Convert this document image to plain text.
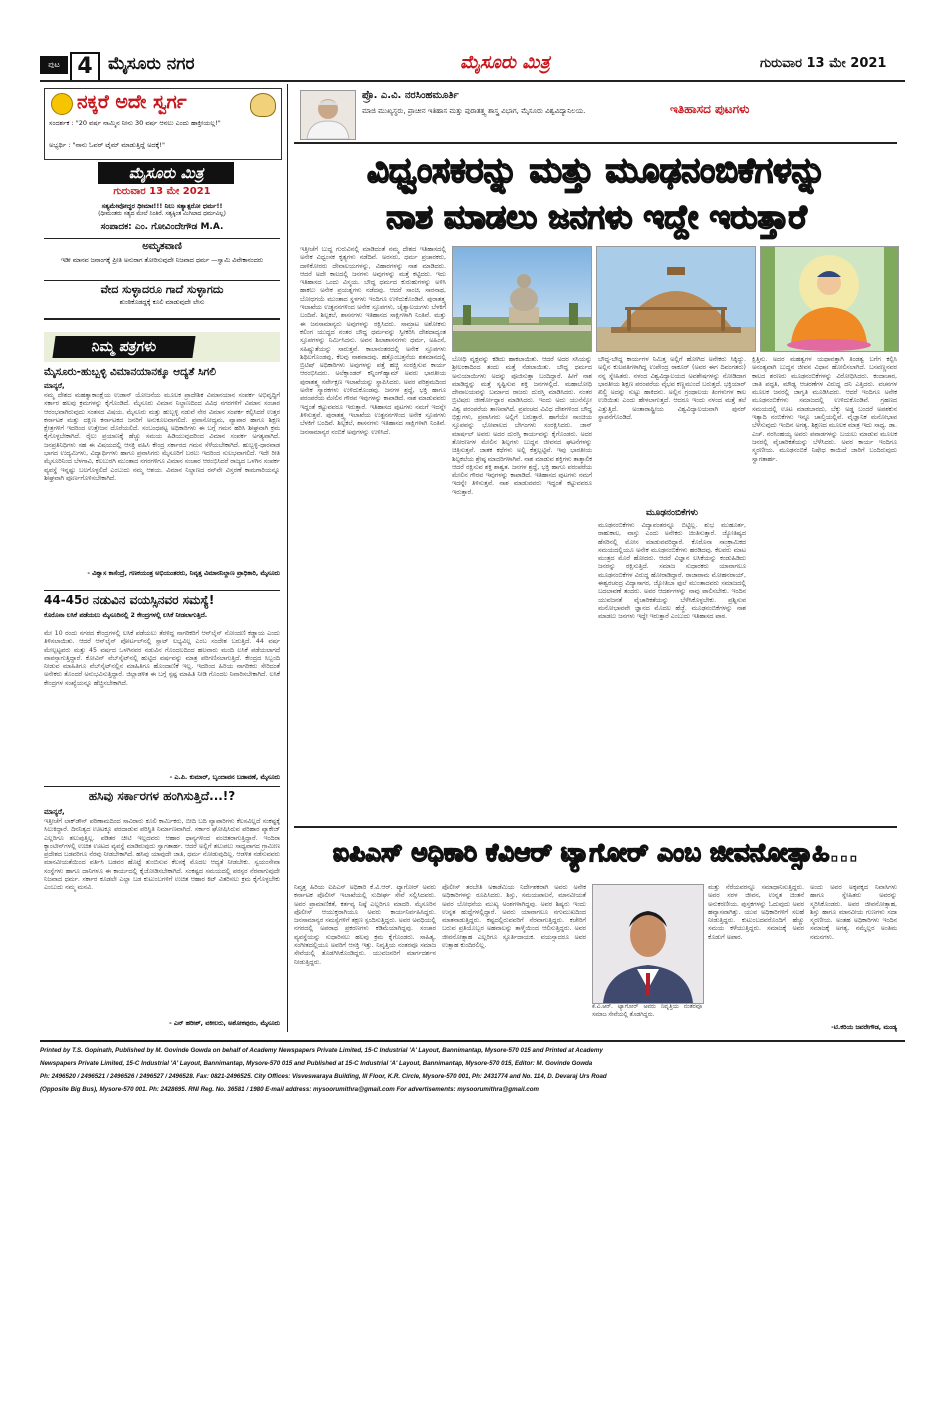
ಪುಟ 4 ಮೈಸೂರು ನಗರ	ಮೈಸೂರು ಮಿತ್ರ	ಗುರುವಾರ 13 ಮೇ 2021
ನಕ್ಕರೆ ಅದೇ ಸ್ವರ್ಗ
ಸಂದರ್ಶಕ : "20 ವರ್ಷ ನಾಮ್ಮಿನ ನೀನು 30 ವರ್ಷ ಆನಲು ಎಂದು ಹಾಕ್ತೀಯಲ್ಲ!"
ಅಭ್ಯರ್ಥಿ : "ನಾನು ಓವರ್ ಟೈಮ್ ಮಾಡುತ್ತಿದ್ದೆ ಅದಕ್ಕೆ!"
ಮೈಸೂರು ಮಿತ್ರ
ಗುರುವಾರ 13 ಮೇ 2021
ಸತ್ಯಮೇವೋದ್ಧರ ಧೀಮಾಃ!!! ನಿಲು ಸತ್ಯಾತ್ಪರೋ ಧರ್ಮ!!
(ಧೀಮಂತರು ಸತ್ಯದ ಮೇಲೆ ನಿಂತಿರೆ. ಸತ್ಯಕ್ಕಿಂತ ಮಿಗಿಲಾದ ಧರ್ಮವಿಲ್ಲ)
ಸಂಪಾದಕ: ಎಂ. ಗೋವಿಂದೇಗೌಡ M.A.
ಅಮೃತವಾಣಿ
ಇಡೀ ಮಾನವ ಜನಾಂಗಕ್ಕೆ ಪ್ರೀತಿ ಅನುರಾಗ ತೋರಿಸುವುದೇ ನಿಜವಾದ ಧರ್ಮ —ಸ್ವಾಮಿ ವಿವೇಕಾನಂದರು
ವೇದ ಸುಳ್ಳಾದರೂ ಗಾದೆ ಸುಳ್ಳಾಗದು
ಶುಂಠಿಕೊಡದ್ದಕ್ಕೆ ಕೂಲಿ ಮಾಡುವುದೇ ಲೇಸು
ನಿಮ್ಮ ಪತ್ರಗಳು
ಮೈಸೂರು-ಹುಬ್ಬಳ್ಳಿ ವಿಮಾನಯಾನಕ್ಕೂ ಆದ್ಯತೆ ಸಿಗಲಿ
ಮಾನ್ಯರೆ,
ನಮ್ಮ ದೇಶದ ಮಹತ್ವಾಕಾಂಕ್ಷೆಯ ಉಡಾನ್ ಯೋಜನೆಯ ಮೂಲಕ ಪ್ರಾದೇಶಿಕ ವಿಮಾನಯಾನ ಸಂಪರ್ಕ ಅಭಿವೃದ್ಧಿಗೆ ಸರ್ಕಾರ ಹಲವು ಕ್ರಮಗಳನ್ನು ಕೈಗೊಂಡಿದೆ. ಮೈಸೂರು ವಿಮಾನ ನಿಲ್ದಾಣದಿಂದ ವಿವಿಧ ನಗರಗಳಿಗೆ ವಿಮಾನ ಸಂಚಾರ ಆರಂಭವಾಗಿರುವುದು ಸಂತಸದ ವಿಷಯ. ಮೈಸೂರು ಮತ್ತು ಹುಬ್ಬಳ್ಳಿ ನಡುವೆ ನೇರ ವಿಮಾನ ಸಂಪರ್ಕ ಕಲ್ಪಿಸಿದರೆ ಉತ್ತರ ಕರ್ನಾಟಕ ಮತ್ತು ದಕ್ಷಿಣ ಕರ್ನಾಟಕದ ಜನರಿಗೆ ಅನುಕೂಲವಾಗಲಿದೆ. ಪ್ರವಾಸೋದ್ಯಮ, ವ್ಯಾಪಾರ ಹಾಗೂ ಶಿಕ್ಷಣ ಕ್ಷೇತ್ರಗಳಿಗೆ ಇದರಿಂದ ಉತ್ತೇಜನ ದೊರೆಯಲಿದೆ. ಸಂಬಂಧಪಟ್ಟ ಅಧಿಕಾರಿಗಳು ಈ ಬಗ್ಗೆ ಗಮನ ಹರಿಸಿ ಶೀಘ್ರವಾಗಿ ಕ್ರಮ ಕೈಗೊಳ್ಳಬೇಕಾಗಿದೆ. ರೈಲು ಪ್ರಯಾಣಕ್ಕೆ ಹೆಚ್ಚು ಸಮಯ ಹಿಡಿಯುವುದರಿಂದ ವಿಮಾನ ಸಂಪರ್ಕ ಅಗತ್ಯವಾಗಿದೆ. ಜನಪ್ರತಿನಿಧಿಗಳು ಸಹ ಈ ವಿಷಯದಲ್ಲಿ ಆಸಕ್ತಿ ವಹಿಸಿ ಕೇಂದ್ರ ಸರ್ಕಾರದ ಗಮನ ಸೆಳೆಯಬೇಕಾಗಿದೆ. ಹುಬ್ಬಳ್ಳಿ-ಧಾರವಾಡ ಭಾಗದ ಉದ್ಯಮಿಗಳು, ವಿದ್ಯಾರ್ಥಿಗಳು ಹಾಗೂ ಪ್ರವಾಸಿಗರು ಮೈಸೂರಿಗೆ ಬರಲು ಇದರಿಂದ ಸುಲಭವಾಗಲಿದೆ. ಇದೇ ರೀತಿ ಮೈಸೂರಿನಿಂದ ಬೆಳಗಾವಿ, ಕಲಬುರಗಿ ಮುಂತಾದ ನಗರಗಳಿಗೂ ವಿಮಾನ ಸಂಚಾರ ಆರಂಭಿಸಿದರೆ ರಾಜ್ಯದ ಒಳಗಿನ ಸಂಪರ್ಕ ವ್ಯವಸ್ಥೆ ಇನ್ನಷ್ಟು ಬಲಗೊಳ್ಳಲಿದೆ ಎಂಬುದು ನಮ್ಮ ಆಶಯ. ವಿಮಾನ ನಿಲ್ದಾಣದ ರನ್‌ವೇ ವಿಸ್ತರಣೆ ಕಾಮಗಾರಿಯನ್ನೂ ಶೀಘ್ರವಾಗಿ ಪೂರ್ಣಗೊಳಿಸಬೇಕಾಗಿದೆ.
- ವಿಶ್ವಾಸ ಕಾಸೆಂದ್ರೆ, ಗಣಕಯಂತ್ರ ಅಭಿಯಂತರರು, ನಿವೃತ್ತ ವಿಮಾನನಿಲ್ದಾಣ ಪ್ರಾಧಿಕಾರಿ, ಮೈಸೂರು
44-45ರ ನಡುವಿನ ವಯಸ್ಸಿನವರ ಸಮಸ್ಯೆ!
ಕೊರೊನಾ ಲಸಿಕೆ ಪಡೆಯಲು ಮೈಸೂರಿನಲ್ಲಿ 2 ಕೇಂದ್ರಗಳಲ್ಲಿ ಲಸಿಕೆ ನೀಡಲಾಗುತ್ತಿದೆ.
ಮೇ 10 ರಂದು ನಗರದ ಕೇಂದ್ರಗಳಲ್ಲಿ ಲಸಿಕೆ ಪಡೆಯಲು ತೆರಳಿದ್ದ ನಾಗರಿಕರಿಗೆ ಆನ್‌ಲೈನ್ ನೋಂದಣಿ ಕಡ್ಡಾಯ ಎಂದು ತಿಳಿಸಲಾಯಿತು. ಆದರೆ ಆನ್‌ಲೈನ್ ಪೋರ್ಟಲ್‌ನಲ್ಲಿ ಸ್ಲಾಟ್ ಲಭ್ಯವಿಲ್ಲ ಎಂಬ ಸಂದೇಶ ಬರುತ್ತಿದೆ. 44 ವರ್ಷ ಮೇಲ್ಪಟ್ಟವರು ಮತ್ತು 45 ವರ್ಷದ ಒಳಗಿನವರ ನಡುವಿನ ಗೊಂದಲದಿಂದ ಹಲವಾರು ಮಂದಿ ಲಸಿಕೆ ಪಡೆಯಲಾಗದೆ ವಾಪಸ್ಸಾಗುತ್ತಿದ್ದಾರೆ. ಕೋವಿನ್ ವೆಬ್‌ಸೈಟ್‌ನಲ್ಲಿ ಹುಟ್ಟಿದ ವರ್ಷವನ್ನು ಮಾತ್ರ ಪರಿಗಣಿಸಲಾಗುತ್ತಿದೆ. ಕೇಂದ್ರದ ಸಿಬ್ಬಂದಿ ನೀಡುವ ಮಾಹಿತಿಗೂ ವೆಬ್‌ಸೈಟ್‌ನಲ್ಲಿನ ಮಾಹಿತಿಗೂ ಹೊಂದಾಣಿಕೆ ಇಲ್ಲ. ಇದರಿಂದ ಹಿರಿಯ ನಾಗರಿಕರು ಸೇರಿದಂತೆ ಅನೇಕರು ತೊಂದರೆ ಅನುಭವಿಸುತ್ತಿದ್ದಾರೆ. ಜಿಲ್ಲಾಡಳಿತ ಈ ಬಗ್ಗೆ ಸ್ಪಷ್ಟ ಮಾಹಿತಿ ನೀಡಿ ಗೊಂದಲ ನಿವಾರಿಸಬೇಕಾಗಿದೆ. ಲಸಿಕೆ ಕೇಂದ್ರಗಳ ಸಂಖ್ಯೆಯನ್ನೂ ಹೆಚ್ಚಿಸಬೇಕಾಗಿದೆ.
- ಎ.ಪಿ. ಕುಮಾರ್, ಬೃಂದಾವನ ಬಡಾವಣೆ, ಮೈಸೂರು
ಹಸಿವು ಸರ್ಕಾರಗಳ ಹಂಗಿಸುತ್ತಿದೆ...!?
ಮಾನ್ಯರೆ,
ಇತ್ತೀಚೆಗೆ ಲಾಕ್‌ಡೌನ್ ಪರಿಣಾಮದಿಂದ ಸಾವಿರಾರು ಕೂಲಿ ಕಾರ್ಮಿಕರು, ಬೀದಿ ಬದಿ ವ್ಯಾಪಾರಿಗಳು ಕೆಲಸವಿಲ್ಲದೆ ಸಂಕಷ್ಟಕ್ಕೆ ಸಿಲುಕಿದ್ದಾರೆ. ದಿನನಿತ್ಯದ ಊಟಕ್ಕೂ ಪರದಾಡುವ ಪರಿಸ್ಥಿತಿ ನಿರ್ಮಾಣವಾಗಿದೆ. ಸರ್ಕಾರ ಘೋಷಿಸಿರುವ ಪರಿಹಾರ ಪ್ಯಾಕೇಜ್ ಎಲ್ಲರಿಗೂ ತಲುಪುತ್ತಿಲ್ಲ. ಪಡಿತರ ಚೀಟಿ ಇಲ್ಲದವರು ಆಹಾರ ಧಾನ್ಯಗಳಿಂದ ವಂಚಿತರಾಗುತ್ತಿದ್ದಾರೆ. ಇಂದಿರಾ ಕ್ಯಾಂಟೀನ್‌ಗಳಲ್ಲಿ ಉಚಿತ ಊಟದ ವ್ಯವಸ್ಥೆ ಮಾಡಿರುವುದು ಸ್ವಾಗತಾರ್ಹ. ಆದರೆ ಅಲ್ಲಿಗೆ ತಲುಪಲು ಸಾಧ್ಯವಾಗದ ಗ್ರಾಮೀಣ ಪ್ರದೇಶದ ಬಡವರಿಗೂ ನೆರವು ನೀಡಬೇಕಾಗಿದೆ. ಹಸಿವು ಯಾವುದೇ ಜಾತಿ, ಧರ್ಮ ನೋಡುವುದಿಲ್ಲ. ಆಡಳಿತ ನಡೆಸುವವರು ಮಾನವೀಯತೆಯಿಂದ ವರ್ತಿಸಿ ಬಡವರ ಹೊಟ್ಟೆ ತುಂಬಿಸುವ ಕೆಲಸಕ್ಕೆ ಮೊದಲ ಆದ್ಯತೆ ನೀಡಬೇಕು. ಸ್ವಯಂಸೇವಾ ಸಂಸ್ಥೆಗಳು ಹಾಗೂ ದಾನಿಗಳೂ ಈ ಕಾರ್ಯದಲ್ಲಿ ಕೈಜೋಡಿಸಬೇಕಾಗಿದೆ. ಸಂಕಷ್ಟದ ಸಮಯದಲ್ಲಿ ಪರಸ್ಪರ ನೆರವಾಗುವುದೇ ನಿಜವಾದ ಧರ್ಮ. ಸರ್ಕಾರ ಕೂಡಲೇ ಎಲ್ಲಾ ಬಡ ಕುಟುಂಬಗಳಿಗೆ ಉಚಿತ ಆಹಾರ ಕಿಟ್ ವಿತರಿಸಲು ಕ್ರಮ ಕೈಗೊಳ್ಳಬೇಕು ಎಂಬುದು ನಮ್ಮ ಮನವಿ.
- ಎನ್ ಹರೀಶ್, ವಕೀಲರು, ಅಶೋಕಪುರಂ, ಮೈಸೂರು
ಪ್ರೊ. ಎ.ವಿ. ನರಸಿಂಹಮೂರ್ತಿ
ಮಾಜಿ ಮುಖ್ಯಸ್ಥರು, ಪ್ರಾಚೀನ ಇತಿಹಾಸ ಮತ್ತು ಪುರಾತತ್ತ್ವ ಶಾಸ್ತ್ರ ವಿಭಾಗ, ಮೈಸೂರು ವಿಶ್ವವಿದ್ಯಾನಿಲಯ.	ಇತಿಹಾಸದ ಪುಟಗಳು
ವಿಧ್ವಂಸಕರನ್ನು ಮತ್ತು ಮೂಢನಂಬಿಕೆಗಳನ್ನು
ನಾಶ ಮಾಡಲು ಜನಗಳು ಇದ್ದೇ ಇರುತ್ತಾರೆ
ಇತ್ತೀಚೆಗೆ ಬುದ್ಧ ಗುರುವಿನಲ್ಲಿ ಮಾಡಿದಂತೆ ನಮ್ಮ ದೇಶದ ಇತಿಹಾಸದಲ್ಲಿ ಅನೇಕ ವಿಧ್ವಂಸಕ ಕೃತ್ಯಗಳು ನಡೆದಿವೆ. ಅರಸರು, ಧರ್ಮ ಪ್ರಚಾರಕರು, ದಾಳಿಕೋರರು ದೇವಾಲಯಗಳನ್ನು, ವಿಹಾರಗಳನ್ನು ನಾಶ ಮಾಡಿದರು. ಆದರೆ ಅದೇ ಕಾಲದಲ್ಲಿ ಜನಗಳು ಅವುಗಳನ್ನು ಮತ್ತೆ ಕಟ್ಟಿದರು. ಇದು ಇತಿಹಾಸದ ಒಂದು ವಿಸ್ಮಯ. ಬೌದ್ಧ ಧರ್ಮದ ಕುರುಹುಗಳನ್ನು ಅಳಿಸಿ ಹಾಕಲು ಅನೇಕ ಪ್ರಯತ್ನಗಳು ನಡೆದವು. ಆದರೆ ಸಾಂಚಿ, ಸಾರನಾಥ, ಬೋಧಗಯೆ ಮುಂತಾದ ಸ್ಥಳಗಳು ಇಂದಿಗೂ ಉಳಿದುಕೊಂಡಿವೆ. ಪುರಾತತ್ತ್ವ ಇಲಾಖೆಯ ಉತ್ಖನನಗಳಿಂದ ಅನೇಕ ಸ್ತೂಪಗಳು, ಚೈತ್ಯಾಲಯಗಳು ಬೆಳಕಿಗೆ ಬಂದಿವೆ. ಶಿಲ್ಪಕಲೆ, ಶಾಸನಗಳು ಇತಿಹಾಸದ ಸಾಕ್ಷಿಗಳಾಗಿ ನಿಂತಿವೆ. ಮತ್ತು ಈ ಜನಸಾಮಾನ್ಯರು ಅವುಗಳನ್ನು ರಕ್ಷಿಸಿದರು. ಸಾಮ್ರಾಟ ಅಶೋಕನು ಕಲಿಂಗ ಯುದ್ಧದ ನಂತರ ಬೌದ್ಧ ಧರ್ಮವನ್ನು ಸ್ವೀಕರಿಸಿ ದೇಶದಾದ್ಯಂತ ಸ್ತೂಪಗಳನ್ನು ನಿರ್ಮಿಸಿದನು. ಅವನ ಶಿಲಾಶಾಸನಗಳು ಧರ್ಮ, ಅಹಿಂಸೆ, ಸಹಿಷ್ಣುತೆಯನ್ನು ಸಾರುತ್ತವೆ. ಕಾಲಾನಂತರದಲ್ಲಿ ಅನೇಕ ಸ್ತೂಪಗಳು ಶಿಥಿಲಗೊಂಡವು, ಕೆಲವು ನಾಶವಾದವು. ಹತ್ತೊಂಬತ್ತನೆಯ ಶತಮಾನದಲ್ಲಿ ಬ್ರಿಟಿಷ್ ಅಧಿಕಾರಿಗಳು ಅವುಗಳನ್ನು ಪತ್ತೆ ಹಚ್ಚಿ ಸಂರಕ್ಷಿಸುವ ಕಾರ್ಯ ಆರಂಭಿಸಿದರು. ಅಲೆಕ್ಸಾಂಡರ್ ಕನ್ನಿಂಗ್‌ಹ್ಯಾಮ್ ಅವರು ಭಾರತೀಯ ಪುರಾತತ್ತ್ವ ಸರ್ವೇಕ್ಷಣ ಇಲಾಖೆಯನ್ನು ಸ್ಥಾಪಿಸಿದರು. ಅವರ ಪರಿಶ್ರಮದಿಂದ ಅನೇಕ ಸ್ಮಾರಕಗಳು ಉಳಿದುಕೊಂಡವು. ಜನಗಳ ಶ್ರದ್ಧೆ, ಭಕ್ತಿ ಹಾಗೂ ಪರಂಪರೆಯ ಮೇಲಿನ ಗೌರವ ಇವುಗಳನ್ನು ಕಾಪಾಡಿದೆ. ನಾಶ ಮಾಡುವವರು ಇದ್ದಂತೆ ಕಟ್ಟುವವರೂ ಇರುತ್ತಾರೆ. ಇತಿಹಾಸದ ಪುಟಗಳು ನಮಗೆ ಇದನ್ನೇ ತಿಳಿಸುತ್ತವೆ. ಪುರಾತತ್ತ್ವ ಇಲಾಖೆಯ ಉತ್ಖನನಗಳಿಂದ ಅನೇಕ ಸ್ತೂಪಗಳು ಬೆಳಕಿಗೆ ಬಂದಿವೆ. ಶಿಲ್ಪಕಲೆ, ಶಾಸನಗಳು ಇತಿಹಾಸದ ಸಾಕ್ಷಿಗಳಾಗಿ ನಿಂತಿವೆ. ಜನಸಾಮಾನ್ಯರ ನಂಬಿಕೆ ಅವುಗಳನ್ನು ಉಳಿಸಿದೆ.
ಬೋಧಿ ವೃಕ್ಷವನ್ನು ಕಡಿದು ಹಾಕಲಾಯಿತು. ಆದರೆ ಅದರ ಸಸಿಯನ್ನು ಶ್ರೀಲಂಕಾದಿಂದ ತಂದು ಮತ್ತೆ ನೆಡಲಾಯಿತು. ಬೌದ್ಧ ಧರ್ಮದ ಅನುಯಾಯಿಗಳು ಅದನ್ನು ಪೂಜಿಸುತ್ತಾ ಬಂದಿದ್ದಾರೆ. ಹೀಗೆ ನಾಶ ಮಾಡಿದ್ದನ್ನು ಮತ್ತೆ ಸೃಷ್ಟಿಸುವ ಶಕ್ತಿ ಜನಗಳಲ್ಲಿದೆ. ಮಹಾಬೋಧಿ ದೇವಾಲಯವನ್ನು ಬರ್ಮಾದ ರಾಜರು ದುರಸ್ತಿ ಮಾಡಿಸಿದರು. ನಂತರ ಬ್ರಿಟಿಷರು ಜೀರ್ಣೋದ್ಧಾರ ಮಾಡಿಸಿದರು. ಇಂದು ಅದು ಯುನೆಸ್ಕೋ ವಿಶ್ವ ಪರಂಪರೆಯ ತಾಣವಾಗಿದೆ. ಪ್ರಪಂಚದ ವಿವಿಧ ದೇಶಗಳಿಂದ ಬೌದ್ಧ ಭಿಕ್ಷುಗಳು, ಪ್ರವಾಸಿಗರು ಅಲ್ಲಿಗೆ ಬರುತ್ತಾರೆ. ಹಾಗೆಯೇ ಸಾಂಚಿಯ ಸ್ತೂಪವನ್ನು ಭೋಪಾಲದ ಬೇಗಂಗಳು ಸಂರಕ್ಷಿಸಿದರು. ಜಾನ್ ಮಾರ್ಷಲ್ ಅವರು ಅದರ ದುರಸ್ತಿ ಕಾರ್ಯವನ್ನು ಕೈಗೊಂಡರು. ಅದರ ತೋರಣಗಳ ಮೇಲಿನ ಶಿಲ್ಪಗಳು ಬುದ್ಧನ ಜೀವನದ ಘಟನೆಗಳನ್ನು ಚಿತ್ರಿಸುತ್ತವೆ. ಜಾತಕ ಕಥೆಗಳು ಅಲ್ಲಿ ಕೆತ್ತಲ್ಪಟ್ಟಿವೆ. ಇವು ಭಾರತೀಯ ಶಿಲ್ಪಕಲೆಯ ಶ್ರೇಷ್ಠ ಮಾದರಿಗಳಾಗಿವೆ. ನಾಶ ಮಾಡುವ ಶಕ್ತಿಗಳು ತಾತ್ಕಾಲಿಕ ಆದರೆ ರಕ್ಷಿಸುವ ಶಕ್ತಿ ಶಾಶ್ವತ. ಜನಗಳ ಶ್ರದ್ಧೆ, ಭಕ್ತಿ ಹಾಗೂ ಪರಂಪರೆಯ ಮೇಲಿನ ಗೌರವ ಇವುಗಳನ್ನು ಕಾಪಾಡಿದೆ. ಇತಿಹಾಸದ ಪುಟಗಳು ನಮಗೆ ಇದನ್ನೇ ತಿಳಿಸುತ್ತವೆ. ನಾಶ ಮಾಡುವವರು ಇದ್ದಂತೆ ಕಟ್ಟುವವರೂ ಇರುತ್ತಾರೆ.
ಬೌದ್ಧ-ಬೌದ್ಧ ಕಾರ್ಯಗಳ ನಿಮಿತ್ತ ಅಲ್ಲಿಗೆ ಹೋಗಿದ ಅನೇಕರು ಸಿಕ್ಕಿದ್ದು. ಅಲ್ಲಿನ ಕುಲಪತಿಗಳಾಗಿದ್ದ ಉಪೇಂದ್ರ ಠಾಕೂರ್ (ಅವರ ಈಗ ದಿವಂಗತರು) ನನ್ನ ಸ್ನೇಹಿತರು. ನಳಂದ ವಿಶ್ವವಿದ್ಯಾಲಯದ ಅವಶೇಷಗಳನ್ನು ನೋಡಿದಾಗ ಭಾರತೀಯ ಶಿಕ್ಷಣ ಪರಂಪರೆಯ ವೈಭವ ಕಣ್ಣಮುಂದೆ ಬರುತ್ತದೆ. ಭಕ್ತಿಯಾರ್ ಖಿಲ್ಜಿ ಅದನ್ನು ಸುಟ್ಟು ಹಾಕಿದನು. ಅಲ್ಲಿನ ಗ್ರಂಥಾಲಯ ತಿಂಗಳುಗಳ ಕಾಲ ಉರಿಯಿತು ಎಂದು ಹೇಳಲಾಗುತ್ತದೆ. ಆದರೂ ಇಂದು ನಳಂದ ಮತ್ತೆ ತಲೆ ಎತ್ತುತ್ತಿದೆ. ಅಂತಾರಾಷ್ಟ್ರೀಯ ವಿಶ್ವವಿದ್ಯಾಲಯವಾಗಿ ಪುನರ್ ಸ್ಥಾಪನೆಗೊಂಡಿದೆ.
ಕ್ಷಿತ್ತಿನು. ಅದರ ಮಹತ್ವಗಳ ಯಥಾವತ್ತಾಗಿ ತಿಂಡತ್ವ ಬಗೆಗ ಕಲ್ಪಿಸಿ ಅನಂತ್ಯವಾಗಿ ಬುದ್ಧನ ಜೀವನ ವಿಧಾನ ಹೋಲಿಸಲಾಗಿದೆ. ಬಸವಣ್ಣನವರ ಕಾಲದ ಶರಣರು ಮೂಢನಂಬಿಕೆಗಳನ್ನು ವಿರೋಧಿಸಿದರು. ಕಂದಾಚಾರ, ಜಾತಿ ಪದ್ಧತಿ, ಮೌಢ್ಯ ಆಚರಣೆಗಳ ವಿರುದ್ಧ ದನಿ ಎತ್ತಿದರು. ವಚನಗಳ ಮೂಲಕ ಜನರಲ್ಲಿ ಜಾಗೃತಿ ಮೂಡಿಸಿದರು. ಆದರೆ ಇಂದಿಗೂ ಅನೇಕ ಮೂಢನಂಬಿಕೆಗಳು ಸಮಾಜದಲ್ಲಿ ಉಳಿದುಕೊಂಡಿವೆ. ಗ್ರಹಣದ ಸಮಯದಲ್ಲಿ ಊಟ ಮಾಡಬಾರದು, ಬೆಕ್ಕು ಅಡ್ಡ ಬಂದರೆ ಅಪಶಕುನ ಇತ್ಯಾದಿ ನಂಬಿಕೆಗಳು ಇನ್ನೂ ಚಾಲ್ತಿಯಲ್ಲಿವೆ. ವೈಜ್ಞಾನಿಕ ಮನೋಭಾವ ಬೆಳೆಸುವುದು ಇಂದಿನ ಅಗತ್ಯ. ಶಿಕ್ಷಣದ ಮೂಲಕ ಮಾತ್ರ ಇದು ಸಾಧ್ಯ. ಡಾ. ಎಚ್. ನರಸಿಂಹಯ್ಯ ಅವರು ಪವಾಡಗಳನ್ನು ಬಯಲು ಮಾಡುವ ಮೂಲಕ ಜನರಲ್ಲಿ ವೈಚಾರಿಕತೆಯನ್ನು ಬೆಳೆಸಿದರು. ಅವರ ಕಾರ್ಯ ಇಂದಿಗೂ ಸ್ಮರಣೀಯ. ಮೂಢನಂಬಿಕೆ ನಿಷೇಧ ಕಾಯಿದೆ ಜಾರಿಗೆ ಬಂದಿರುವುದು ಸ್ವಾಗತಾರ್ಹ.
ಮೂಢನಂಬಿಕೆಗಳು
ಮೂಢನಂಬಿಕೆಗಳು ವಿದ್ಯಾವಂತರನ್ನೂ ಬಿಟ್ಟಿಲ್ಲ. ಶುಭ ಮುಹೂರ್ತ, ರಾಹುಕಾಲ, ವಾಸ್ತು ಎಂದು ಅನೇಕರು ಚಿಂತಿಸುತ್ತಾರೆ. ಜ್ಯೋತಿಷ್ಯದ ಹೆಸರಿನಲ್ಲಿ ಮೋಸ ಮಾಡುವವರಿದ್ದಾರೆ. ಕೊರೊನಾ ಸಾಂಕ್ರಾಮಿಕದ ಸಮಯದಲ್ಲಿಯೂ ಅನೇಕ ಮೂಢನಂಬಿಕೆಗಳು ಹರಡಿದವು. ಕೆಲವರು ಮಾಟ ಮಂತ್ರದ ಮೊರೆ ಹೋದರು. ಆದರೆ ವಿಜ್ಞಾನ ಲಸಿಕೆಯನ್ನು ಕಂಡುಹಿಡಿದು ಜನರನ್ನು ರಕ್ಷಿಸುತ್ತಿದೆ. ಸಮಾಜ ಸುಧಾರಕರು ಯಾವಾಗಲೂ ಮೂಢನಂಬಿಕೆಗಳ ವಿರುದ್ಧ ಹೋರಾಡಿದ್ದಾರೆ. ರಾಜಾರಾಮ ಮೋಹನರಾಯ್, ಈಶ್ವರಚಂದ್ರ ವಿದ್ಯಾಸಾಗರ, ಜ್ಯೋತಿಬಾ ಫುಲೆ ಮುಂತಾದವರು ಸಮಾಜದಲ್ಲಿ ಬದಲಾವಣೆ ತಂದರು. ಅವರ ಆದರ್ಶಗಳನ್ನು ನಾವು ಪಾಲಿಸಬೇಕು. ಇಂದಿನ ಯುವಜನತೆ ವೈಚಾರಿಕತೆಯನ್ನು ಬೆಳೆಸಿಕೊಳ್ಳಬೇಕು. ಪ್ರಶ್ನಿಸುವ ಮನೋಭಾವವೇ ಜ್ಞಾನದ ಮೊದಲ ಹೆಜ್ಜೆ. ಮೂಢನಂಬಿಕೆಗಳನ್ನು ನಾಶ ಮಾಡಲು ಜನಗಳು ಇದ್ದೇ ಇರುತ್ತಾರೆ ಎಂಬುದು ಇತಿಹಾಸದ ಪಾಠ.
ಐಪಿಎಸ್ ಅಧಿಕಾರಿ ಕೆವಿಆರ್ ಟ್ಯಾಗೋರ್ ಎಂಬ ಜೀವನೋತ್ಸಾಹಿ...
ನಿವೃತ್ತ ಹಿರಿಯ ಐಪಿಎಸ್ ಅಧಿಕಾರಿ ಕೆ.ವಿ.ಆರ್. ಟ್ಯಾಗೋರ್ ಅವರು ಕರ್ನಾಟಕ ಪೊಲೀಸ್ ಇಲಾಖೆಯಲ್ಲಿ ಸುದೀರ್ಘ ಸೇವೆ ಸಲ್ಲಿಸಿದವರು. ಅವರ ಪ್ರಾಮಾಣಿಕತೆ, ಕರ್ತವ್ಯ ನಿಷ್ಠೆ ಎಲ್ಲರಿಗೂ ಮಾದರಿ. ಮೈಸೂರಿನ ಪೊಲೀಸ್ ಆಯುಕ್ತರಾಗಿಯೂ ಅವರು ಕಾರ್ಯನಿರ್ವಹಿಸಿದ್ದರು. ಜನಸಾಮಾನ್ಯರ ಸಮಸ್ಯೆಗಳಿಗೆ ತಕ್ಷಣ ಸ್ಪಂದಿಸುತ್ತಿದ್ದರು. ಅವರ ಅವಧಿಯಲ್ಲಿ ನಗರದಲ್ಲಿ ಅಪರಾಧ ಪ್ರಕರಣಗಳು ಕಡಿಮೆಯಾಗಿದ್ದವು. ಸಂಚಾರ ವ್ಯವಸ್ಥೆಯನ್ನು ಸುಧಾರಿಸಲು ಹಲವು ಕ್ರಮ ಕೈಗೊಂಡರು. ಸಾಹಿತ್ಯ, ಸಂಗೀತದಲ್ಲಿಯೂ ಅವರಿಗೆ ಆಸಕ್ತಿ ಇತ್ತು. ನಿವೃತ್ತಿಯ ನಂತರವೂ ಸಮಾಜ ಸೇವೆಯಲ್ಲಿ ತೊಡಗಿಸಿಕೊಂಡಿದ್ದರು. ಯುವಜನರಿಗೆ ಮಾರ್ಗದರ್ಶನ ನೀಡುತ್ತಿದ್ದರು.
ಪೊಲೀಸ್ ತರಬೇತಿ ಅಕಾಡೆಮಿಯ ನಿರ್ದೇಶಕರಾಗಿ ಅವರು ಅನೇಕ ಅಧಿಕಾರಿಗಳನ್ನು ರೂಪಿಸಿದರು. ಶಿಸ್ತು, ಸಮಯಪಾಲನೆ, ಮಾನವೀಯತೆ ಅವರ ಬೋಧನೆಯ ಮುಖ್ಯ ಅಂಶಗಳಾಗಿದ್ದವು. ಅವರ ಶಿಷ್ಯರು ಇಂದು ಉನ್ನತ ಹುದ್ದೆಗಳಲ್ಲಿದ್ದಾರೆ. ಅವರು ಯಾವಾಗಲೂ ನಗುಮುಖದಿಂದ ಮಾತನಾಡುತ್ತಿದ್ದರು. ಕಷ್ಟದಲ್ಲಿರುವವರಿಗೆ ನೆರವಾಗುತ್ತಿದ್ದರು. ಕಚೇರಿಗೆ ಬರುವ ಪ್ರತಿಯೊಬ್ಬರ ಅಹವಾಲನ್ನು ತಾಳ್ಮೆಯಿಂದ ಆಲಿಸುತ್ತಿದ್ದರು. ಅವರ ಜೀವನೋತ್ಸಾಹ ಎಲ್ಲರಿಗೂ ಸ್ಫೂರ್ತಿದಾಯಕ. ವಯಸ್ಸಾದರೂ ಅವರ ಉತ್ಸಾಹ ಕುಂದಿರಲಿಲ್ಲ.
ಕೆ.ವಿ.ಆರ್. ಟ್ಯಾಗೋರ್ ಅವರು ನಿವೃತ್ತಿಯ ನಂತರವೂ ಸಮಾಜ ಸೇವೆಯಲ್ಲಿ ತೊಡಗಿದ್ದರು.
ಮತ್ತು ನೆರೆಯವರನ್ನೂ ಸಮಾಧಾನಿಸುತ್ತಿದ್ದರು. ಅವರ ಸರಳ ಜೀವನ, ಉನ್ನತ ಚಿಂತನೆ ಅನುಕರಣೀಯ. ಪುಸ್ತಕಗಳನ್ನು ಓದುವುದು ಅವರ ಹವ್ಯಾಸವಾಗಿತ್ತು. ಯುವ ಅಧಿಕಾರಿಗಳಿಗೆ ಸಲಹೆ ನೀಡುತ್ತಿದ್ದರು. ಕುಟುಂಬದವರೊಂದಿಗೆ ಹೆಚ್ಚು ಸಮಯ ಕಳೆಯುತ್ತಿದ್ದರು. ಸಮಾಜಕ್ಕೆ ಅವರ ಕೊಡುಗೆ ಅಪಾರ.
ಅಂದು ಅವರ ಅಕ್ಕಪಕ್ಕದ ನಿವಾಸಿಗಳು ಹಾಗೂ ಸ್ನೇಹಿತರು ಅವರನ್ನು ಸ್ಮರಿಸಿಕೊಂಡರು. ಅವರ ಜೀವನೋತ್ಸಾಹ, ಶಿಸ್ತು ಹಾಗೂ ಮಾನವೀಯ ಗುಣಗಳು ಸದಾ ಸ್ಮರಣೀಯ. ಅಂತಹ ಅಧಿಕಾರಿಗಳು ಇಂದಿನ ಸಮಾಜಕ್ಕೆ ಅಗತ್ಯ. ನಮ್ಮೆಲ್ಲರ ಅಂತಿಮ ನಮನಗಳು.
-ಟಿ.ಕರಿಯ ಜವರೇಗೌಡ, ಮಂಡ್ಯ
Printed by T.S. Gopinath, Published by M. Govinde Gowda on behalf of Academy Newspapers Private Limited, 15-C Industrial 'A' Layout, Bannimantap, Mysore-570 015 and Printed at Academy
Newspapers Private Limited, 15-C Industrial 'A' Layout, Bannimantap, Mysore-570 015 and Published at 15-C Industrial 'A' Layout, Bannimantap, Mysore-570 015, Editor: M. Govinde Gowda
Ph: 2496520 / 2496521 / 2496526 / 2496527 / 2496528. Fax: 0821-2496525. City Offices: Visveswaraya Building, III Floor, K.R. Circle, Mysore-570 001, Ph: 2431774 and No. 114, D. Devaraj Urs Road
(Opposite Big Bus), Mysore-570 001. Ph: 2428695. RNI Reg. No. 36581 / 1980 E-mail address: mysoorumithra@gmail.com For advertisements: mysoorumithra@gmail.com
